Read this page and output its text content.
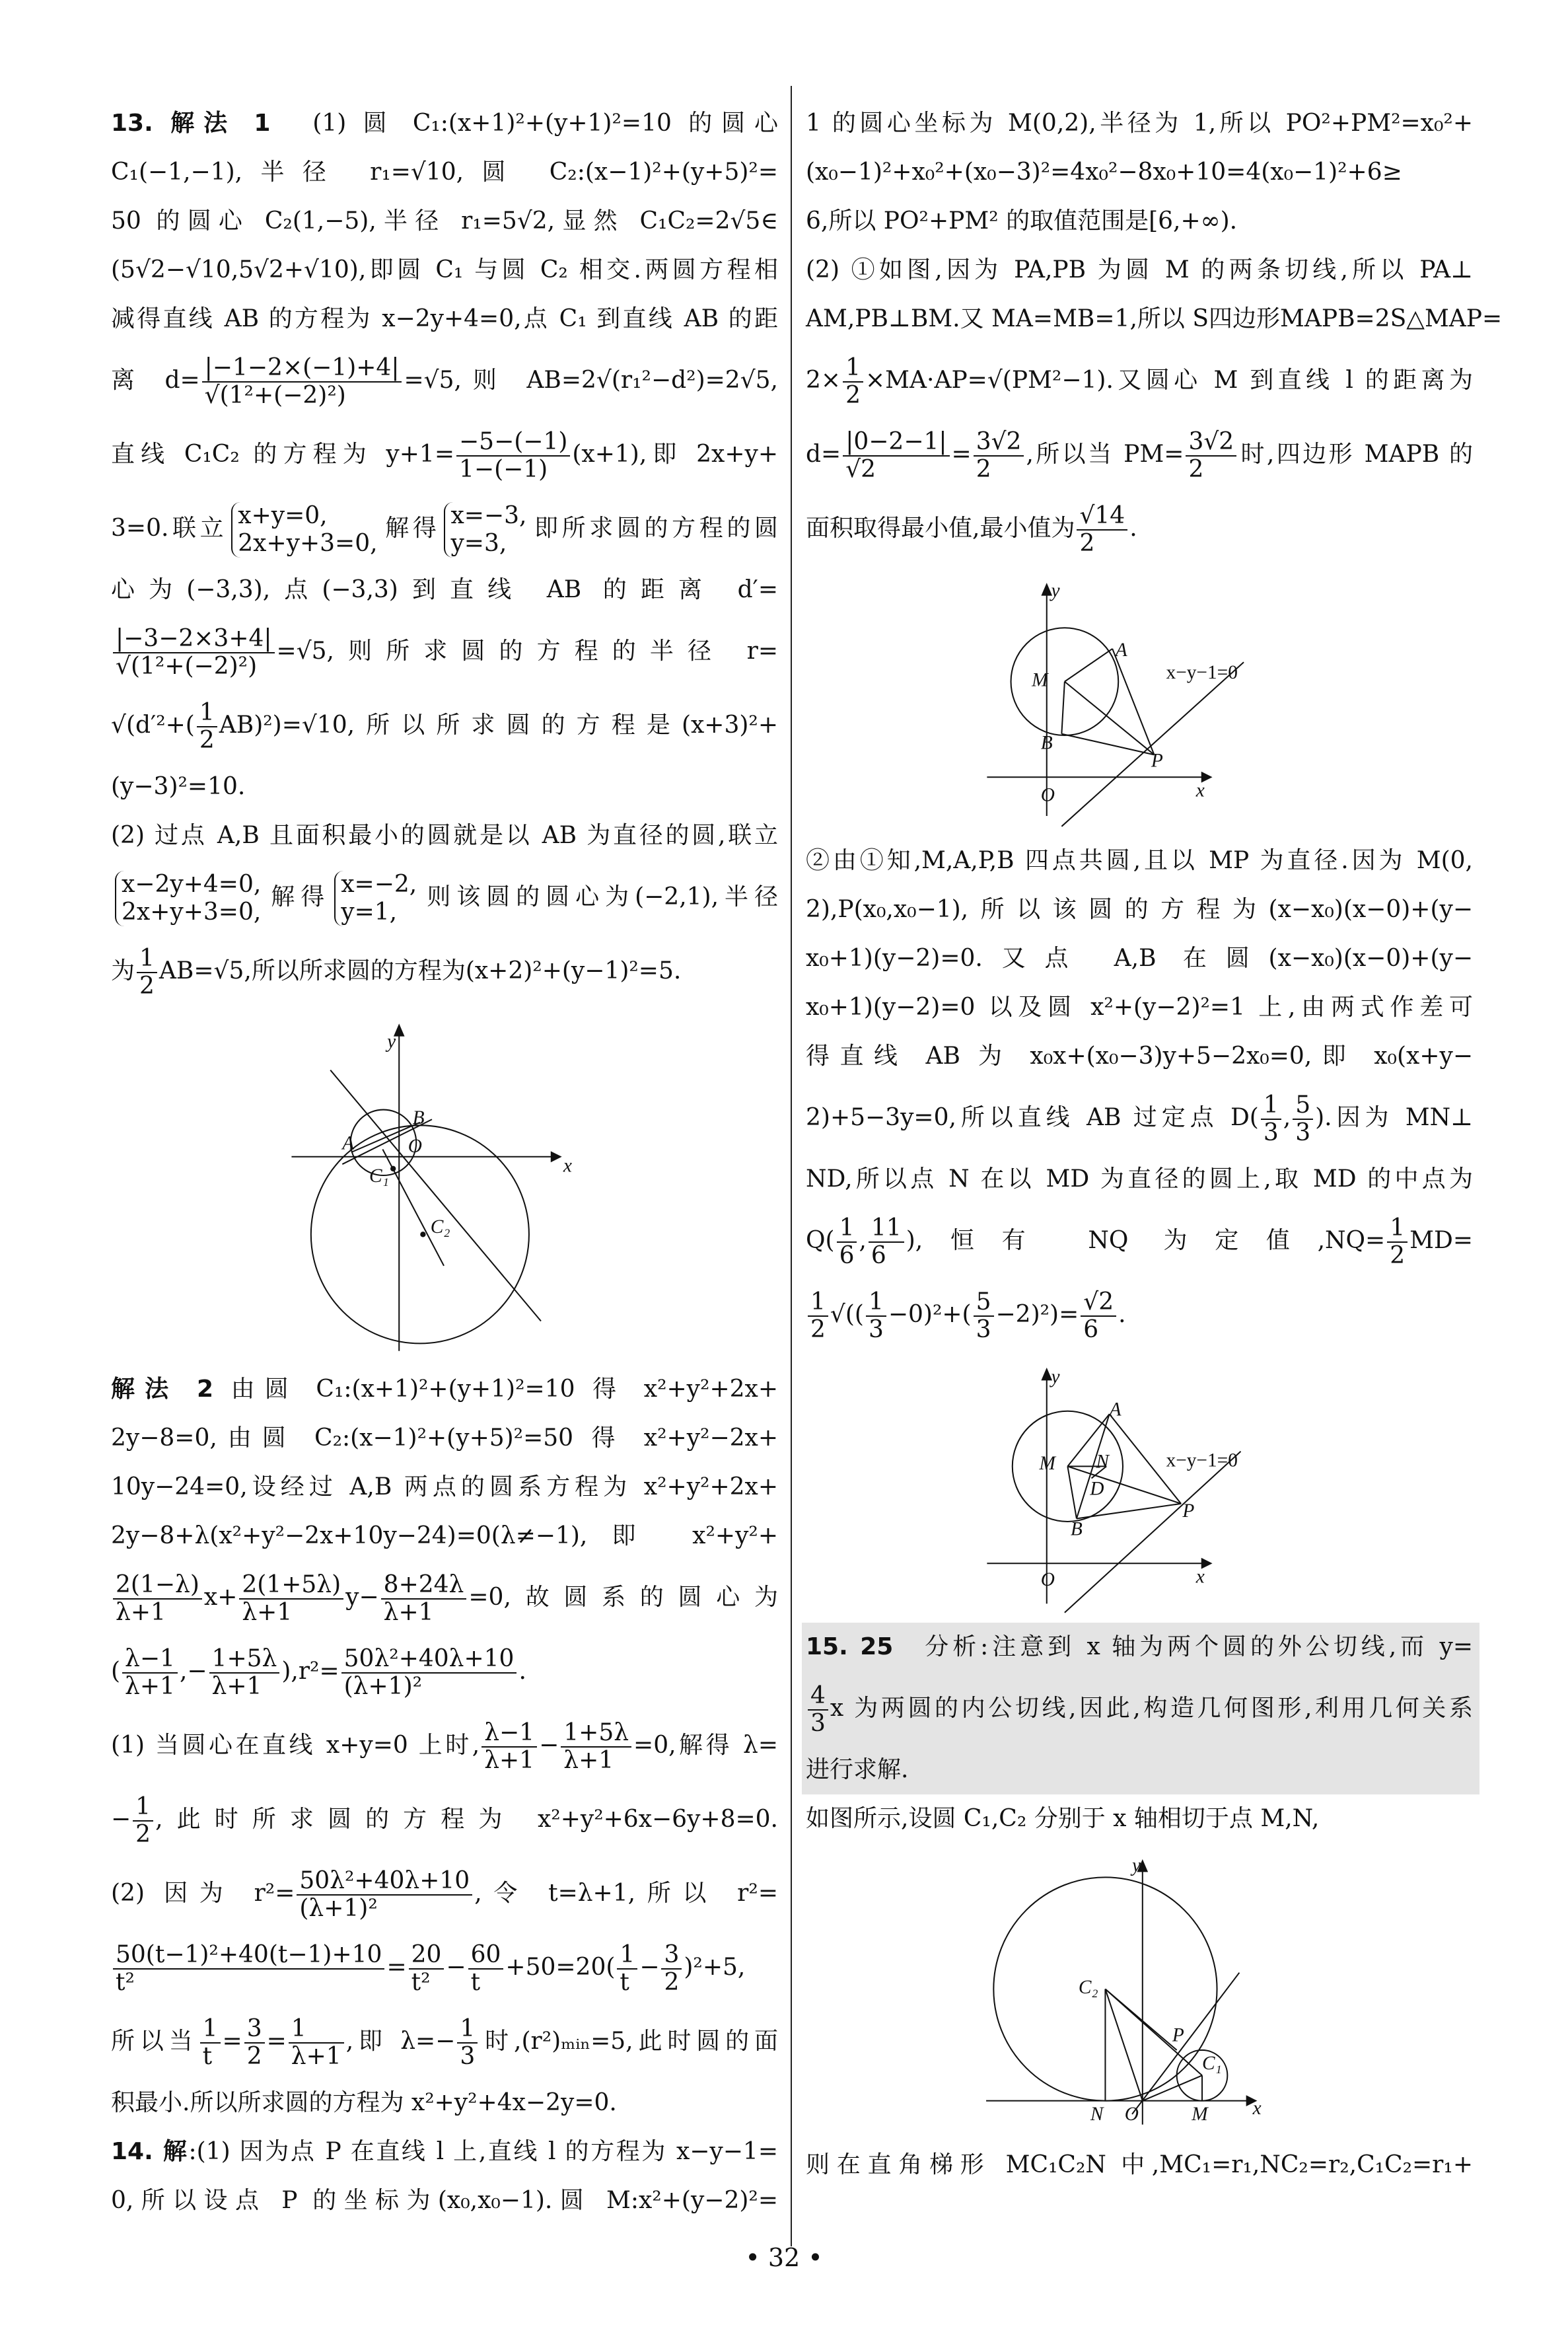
13. 解法 1　(1) 圆 C₁:(x+1)²+(y+1)²=10 的圆心
C₁(−1,−1),半径 r₁=√10,圆 C₂:(x−1)²+(y+5)²=
50 的圆心 C₂(1,−5),半径 r₁=5√2,显然 C₁C₂=2√5∈
(5√2−√10,5√2+√10),即圆 C₁ 与圆 C₂ 相交.两圆方程相
减得直线 AB 的方程为 x−2y+4=0,点 C₁ 到直线 AB 的距
离 $d= \frac{|-1-2\times(-1)+4|}{\text{√(1²+(−2)²)}} =√5$,则 AB=2√(r₁²−d²)=2√5,
直线 C₁C₂ 的方程为 $y+1= \frac{-5-(-1)}{1-(-1)} (x+1)$,即 2x+y+
3=0.联立 x+y=0,
2x+y+3=0,
解得 x=−3,
y=3,
即所求圆的方程的圆
心为(−3,3),点(−3,3)到直线 AB 的距离 d′=
$\frac{|-3-2\times 3+4|}{\text{√(1²+(−2)²)}} =√5$,则所求圆的方程的半径 r=
$√(d'^2+( \frac{1}{2} AB)^2)=√10$,所以所求圆的方程是(x+3)²+
(y−3)²=10.
(2) 过点 A,B 且面积最小的圆就是以 AB 为直径的圆,联立
x−2y+4=0,
2x+y+3=0,
解得 x=−2,
y=1,
则该圆的圆心为(−2,1),半径
为 $\frac{1}{2} AB=√5$,所以所求圆的方程为(x+2)²+(y−1)²=5.
y
x
O
B
A
C₁
C₂
解法 2 由圆 C₁:(x+1)²+(y+1)²=10 得 x²+y²+2x+
2y−8=0,由圆 C₂:(x−1)²+(y+5)²=50 得 x²+y²−2x+
10y−24=0,设经过 A,B 两点的圆系方程为 x²+y²+2x+
2y−8+λ(x²+y²−2x+10y−24)=0(λ≠−1),即 x²+y²+
$\frac{2(1-\lambda)}{\lambda+1} x+ \frac{2(1+5\lambda)}{\lambda+1} y- \frac{8+24\lambda}{\lambda+1} =0$,故圆系的圆心为
( $\frac{\lambda-1}{\lambda+1}$ ,− $\frac{1+5\lambda}{\lambda+1} ),r^2= \frac{\text{50λ²+40λ+10}}{\text{(λ+1)²}}$ .
(1) 当圆心在直线 x+y=0 上时, $\frac{\lambda-1}{\lambda+1} - \frac{1+5\lambda}{\lambda+1} =0$,解得 λ=
− $\frac{1}{2}$ ,此时所求圆的方程为 x²+y²+6x−6y+8=0.
(2) 因为 $r^2= \frac{\text{50λ²+40λ+10}}{\text{(λ+1)²}}$ ,令 t=λ+1,所以 r²=
$\frac{\text{50(t−1)²+40(t−1)+10}}{\text{t²}} = \frac{20}{\text{t²}} - \frac{60}{t} +50=20( \frac{1}{t} - \frac{3}{2} )^2+5$,
所以当 $\frac{1}{t} = \frac{3}{2} = \frac{1}{\lambda+1}$ ,即 $\lambda=- \frac{1}{3}$ 时,(r²)ₘᵢₙ=5,此时圆的面
积最小.所以所求圆的方程为 x²+y²+4x−2y=0.
14. 解:(1) 因为点 P 在直线 l 上,直线 l 的方程为 x−y−1=
0,所以设点 P 的坐标为(x₀,x₀−1).圆 M:x²+(y−2)²=
1 的圆心坐标为 M(0,2),半径为 1,所以 PO²+PM²=x₀²+
(x₀−1)²+x₀²+(x₀−3)²=4x₀²−8x₀+10=4(x₀−1)²+6≥
6,所以 PO²+PM² 的取值范围是[6,+∞).
(2) ①如图,因为 PA,PB 为圆 M 的两条切线,所以 PA⊥
AM,PB⊥BM.又 MA=MB=1,所以 S四边形MAPB=2S△MAP=
$2\times \frac{1}{2} \times MA\cdot AP=√(PM^2-1)$.又圆心 M 到直线 l 的距离为
$d= \frac{|0-2-1|}{√2} = \frac{3√2}{2}$ ,所以当 $PM= \frac{3√2}{2}$ 时,四边形 MAPB 的
面积取得最小值,最小值为 $\frac{√14}{2}$ .
y
x
O
M
A
B
P
x−y−1=0
②由①知,M,A,P,B 四点共圆,且以 MP 为直径.因为 M(0,
2),P(x₀,x₀−1),所以该圆的方程为(x−x₀)(x−0)+(y−
x₀+1)(y−2)=0.又点 A,B 在圆(x−x₀)(x−0)+(y−
x₀+1)(y−2)=0 以及圆 x²+(y−2)²=1 上,由两式作差可
得直线 AB 为 x₀x+(x₀−3)y+5−2x₀=0,即 x₀(x+y−
2)+5−3y=0,所以直线 AB 过定点 $D( \frac{1}{3}$ , $\frac{5}{3}$ ).因为 MN⊥
ND,所以点 N 在以 MD 为直径的圆上,取 MD 的中点为
$Q( \frac{1}{6}$ , $\frac{11}{6}$ ),恒有 NQ 为定值$,NQ= \frac{1}{2} MD=$
$\frac{1}{2}$ √(( $\frac{1}{3} -0)^2+( \frac{5}{3} -2)^2)= \frac{√2}{6}$ .
y
x
O
M
A
N
D
B
P
x−y−1=0
15. 25　分析:注意到 x 轴为两个圆的外公切线,而 y=
$\frac{4}{3}$ x 为两圆的内公切线,因此,构造几何图形,利用几何关系
进行求解.
如图所示,设圆 C₁,C₂ 分别于 x 轴相切于点 M,N,
y
x
C₂
C₁
P
N O	M
则在直角梯形 MC₁C₂N 中,MC₁=r₁,NC₂=r₂,C₁C₂=r₁+
• 32 •
